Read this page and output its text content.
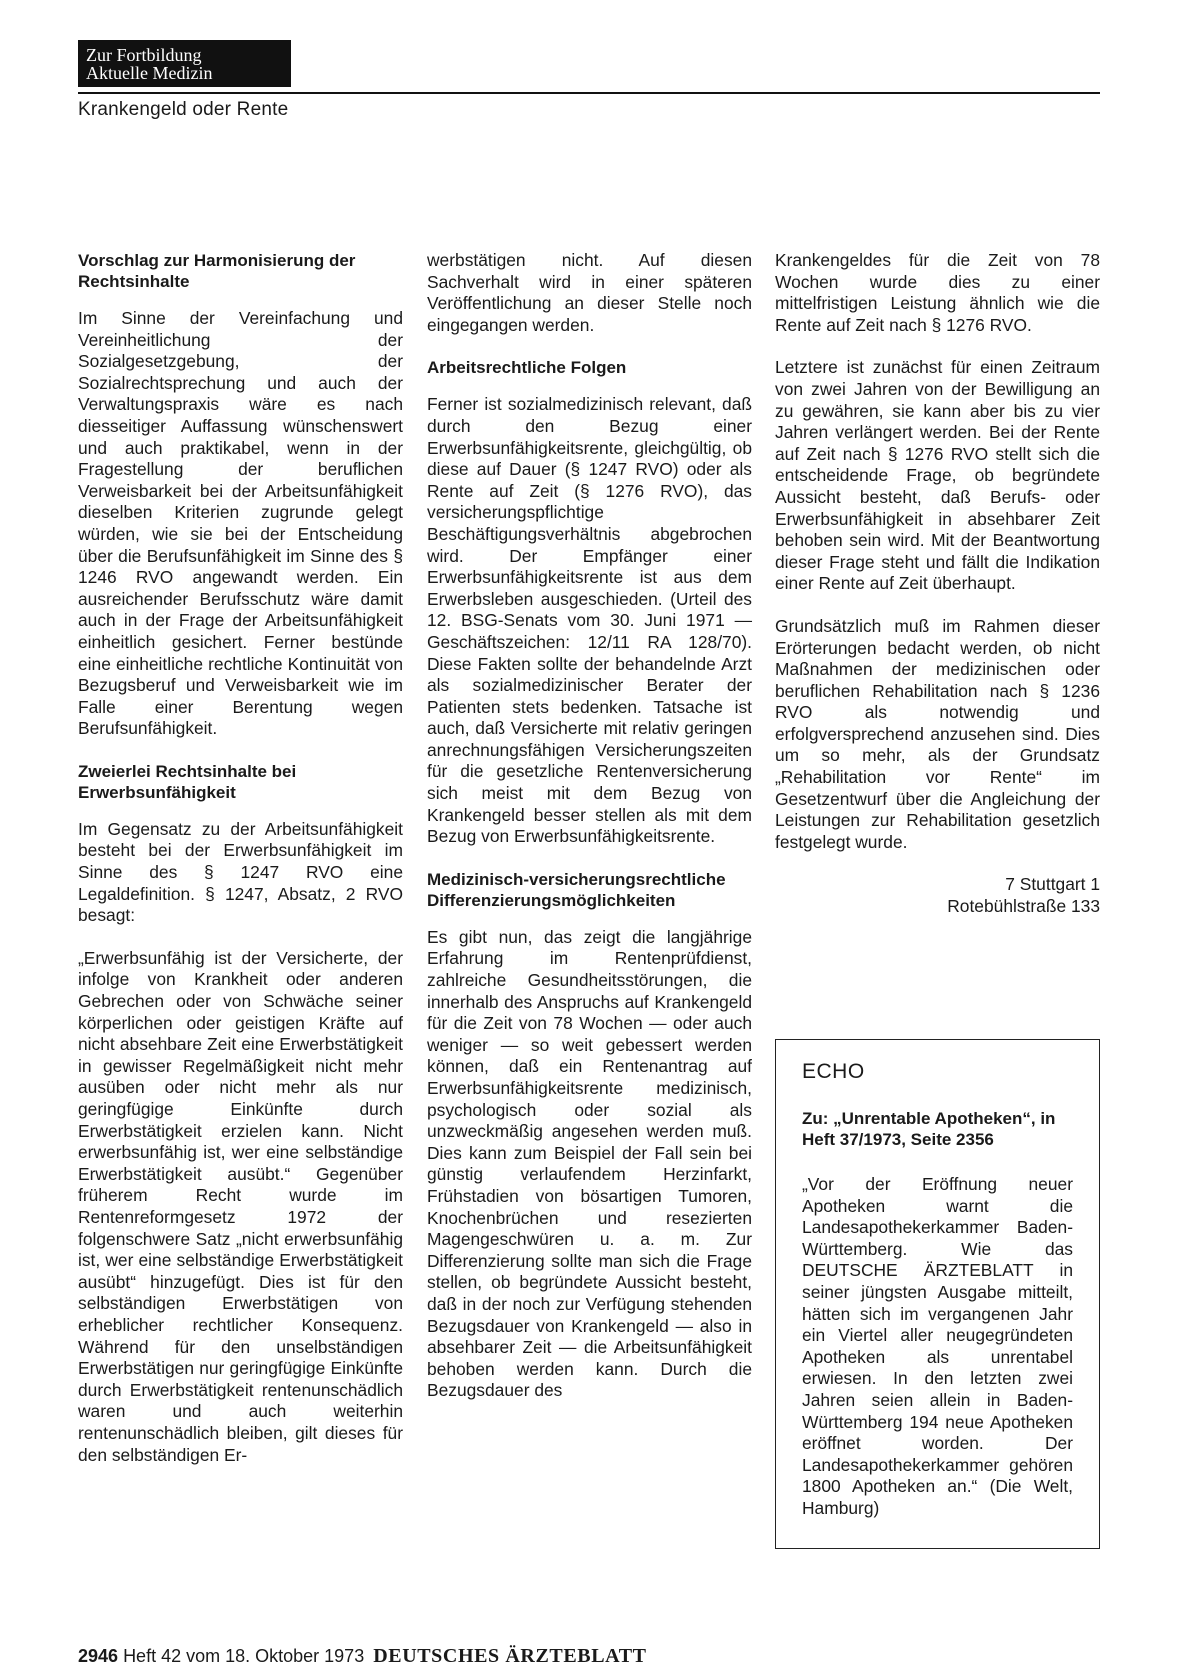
Zur Fortbildung
Aktuelle Medizin
Krankengeld oder Rente
Vorschlag zur Harmonisierung der Rechtsinhalte

Im Sinne der Vereinfachung und Vereinheitlichung der Sozialgesetzgebung, der Sozialrechtsprechung und auch der Verwaltungspraxis wäre es nach diesseitiger Auffassung wünschenswert und auch praktikabel, wenn in der Fragestellung der beruflichen Verweisbarkeit bei der Arbeitsunfähigkeit dieselben Kriterien zugrunde gelegt würden, wie sie bei der Entscheidung über die Berufsunfähigkeit im Sinne des § 1246 RVO angewandt werden. Ein ausreichender Berufsschutz wäre damit auch in der Frage der Arbeitsunfähigkeit einheitlich gesichert. Ferner bestünde eine einheitliche rechtliche Kontinuität von Bezugsberuf und Verweisbarkeit wie im Falle einer Berentung wegen Berufsunfähigkeit.

Zweierlei Rechtsinhalte bei Erwerbsunfähigkeit

Im Gegensatz zu der Arbeitsunfähigkeit besteht bei der Erwerbsunfähigkeit im Sinne des § 1247 RVO eine Legaldefinition. § 1247, Absatz, 2 RVO besagt:

„Erwerbsunfähig ist der Versicherte, der infolge von Krankheit oder anderen Gebrechen oder von Schwäche seiner körperlichen oder geistigen Kräfte auf nicht absehbare Zeit eine Erwerbstätigkeit in gewisser Regelmäßigkeit nicht mehr ausüben oder nicht mehr als nur geringfügige Einkünfte durch Erwerbstätigkeit erzielen kann. Nicht erwerbsunfähig ist, wer eine selbständige Erwerbstätigkeit ausübt.“ Gegenüber früherem Recht wurde im Rentenreformgesetz 1972 der folgenschwere Satz „nicht erwerbsunfähig ist, wer eine selbständige Erwerbstätigkeit ausübt“ hinzugefügt. Dies ist für den selbständigen Erwerbstätigen von erheblicher rechtlicher Konsequenz. Während für den unselbständigen Erwerbstätigen nur geringfügige Einkünfte durch Erwerbstätigkeit rentenunschädlich waren und auch weiterhin rentenunschädlich bleiben, gilt dieses für den selbständigen Er-

werbstätigen nicht. Auf diesen Sachverhalt wird in einer späteren Veröffentlichung an dieser Stelle noch eingegangen werden.

Arbeitsrechtliche Folgen

Ferner ist sozialmedizinisch relevant, daß durch den Bezug einer Erwerbsunfähigkeitsrente, gleichgültig, ob diese auf Dauer (§ 1247 RVO) oder als Rente auf Zeit (§ 1276 RVO), das versicherungspflichtige Beschäftigungsverhältnis abgebrochen wird. Der Empfänger einer Erwerbsunfähigkeitsrente ist aus dem Erwerbsleben ausgeschieden. (Urteil des 12. BSG-Senats vom 30. Juni 1971 — Geschäftszeichen: 12/11 RA 128/70). Diese Fakten sollte der behandelnde Arzt als sozialmedizinischer Berater der Patienten stets bedenken. Tatsache ist auch, daß Versicherte mit relativ geringen anrechnungsfähigen Versicherungszeiten für die gesetzliche Rentenversicherung sich meist mit dem Bezug von Krankengeld besser stellen als mit dem Bezug von Erwerbsunfähigkeitsrente.

Medizinisch-versicherungsrechtliche Differenzierungsmöglichkeiten

Es gibt nun, das zeigt die langjährige Erfahrung im Rentenprüfdienst, zahlreiche Gesundheitsstörungen, die innerhalb des Anspruchs auf Krankengeld für die Zeit von 78 Wochen — oder auch weniger — so weit gebessert werden können, daß ein Rentenantrag auf Erwerbsunfähigkeitsrente medizinisch, psychologisch oder sozial als unzweckmäßig angesehen werden muß. Dies kann zum Beispiel der Fall sein bei günstig verlaufendem Herzinfarkt, Frühstadien von bösartigen Tumoren, Knochenbrüchen und resezierten Magengeschwüren u. a. m. Zur Differenzierung sollte man sich die Frage stellen, ob begründete Aussicht besteht, daß in der noch zur Verfügung stehenden Bezugsdauer von Krankengeld — also in absehbarer Zeit — die Arbeitsunfähigkeit behoben werden kann. Durch die Bezugsdauer des

Krankengeldes für die Zeit von 78 Wochen wurde dies zu einer mittelfristigen Leistung ähnlich wie die Rente auf Zeit nach § 1276 RVO.

Letztere ist zunächst für einen Zeitraum von zwei Jahren von der Bewilligung an zu gewähren, sie kann aber bis zu vier Jahren verlängert werden. Bei der Rente auf Zeit nach § 1276 RVO stellt sich die entscheidende Frage, ob begründete Aussicht besteht, daß Berufs- oder Erwerbsunfähigkeit in absehbarer Zeit behoben sein wird. Mit der Beantwortung dieser Frage steht und fällt die Indikation einer Rente auf Zeit überhaupt.

Grundsätzlich muß im Rahmen dieser Erörterungen bedacht werden, ob nicht Maßnahmen der medizinischen oder beruflichen Rehabilitation nach § 1236 RVO als notwendig und erfolgversprechend anzusehen sind. Dies um so mehr, als der Grundsatz „Rehabilitation vor Rente“ im Gesetzentwurf über die Angleichung der Leistungen zur Rehabilitation gesetzlich festgelegt wurde.

7 Stuttgart 1
Rotebühlstraße 133

ECHO
Zu: „Unrentable Apotheken“, in Heft 37/1973, Seite 2356

„Vor der Eröffnung neuer Apotheken warnt die Landesapothekerkammer Baden-Württemberg. Wie das DEUTSCHE ÄRZTEBLATT in seiner jüngsten Ausgabe mitteilt, hätten sich im vergangenen Jahr ein Viertel aller neugegründeten Apotheken als unrentabel erwiesen. In den letzten zwei Jahren seien allein in Baden-Württemberg 194 neue Apotheken eröffnet worden. Der Landesapothekerkammer gehören 1800 Apotheken an.“ (Die Welt, Hamburg)

2946 Heft 42 vom 18. Oktober 1973 DEUTSCHES ÄRZTEBLATT
